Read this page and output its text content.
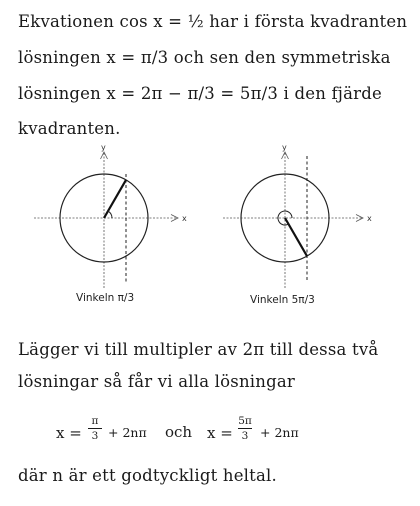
Ekvationen cos x = ½ har i första kvadranten
lösningen x = π/3 och sen den symmetriska
lösningen x = 2π − π/3 = 5π/3 i den fjärde
kvadranten.
x
y
Vinkeln π/3
x
y
Vinkeln 5π/3
Lägger vi till multipler av 2π till dessa två
lösningar så får vi alla lösningar
x =
π
3 + 2nπ och x =
5π
3 + 2nπ
där n är ett godtyckligt heltal.
